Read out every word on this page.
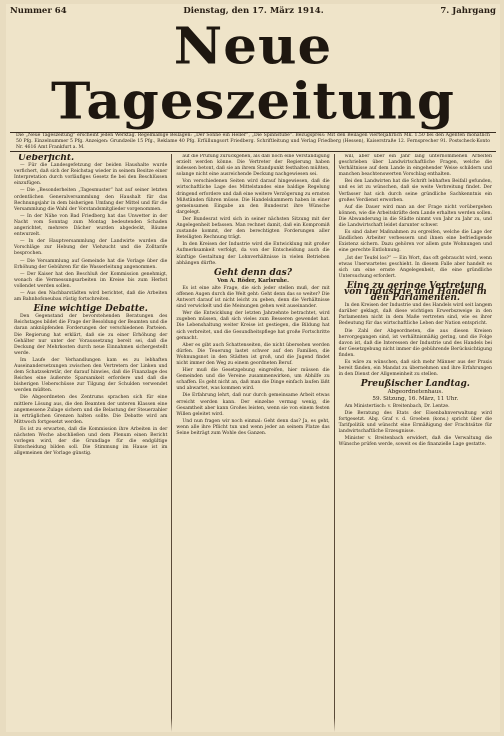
Nummer 64	Dienstag, den 17. März 1914.	7. Jahrgang
Neue Tageszeitung
Die „Neue Tageszeitung“ erscheint jeden Werktag. Regelmäßige Beilagen: „Der Sonne ein Heller“, „Die Spinnstube“. Bezugspreis: Mit den Beilagen vierteljährlich Mk. 1.50 bei den Agenten monatlich 50 Pfg. Einzelnummer 5 Pfg. Anzeigen: Grundzeile 15 Pfg., Reklame 40 Pfg. Erfüllungsort Friedberg. Schriftleitung und Verlag Friedberg (Hessen), Kaiserstraße 12. Fernsprecher 91. Postscheck-Konto Nr. 4616 Amt Frankfurt a. M.
Ueberficht.

— Für die Landesgefetzung der beiden Haushalte wurde verfichert, daß sich der Reichstag wieder in seinem Besitze einer Interpretation durch vorläufiges Gesetz fie bei den Beschlüssen einzufügen.

— Die „Besonderheiten „Tagesmuster“ hat auf seiner letzten ordentlichen Generalversammlung den Haushalt für das Rechnungsjahr in dem bisherigen Umfang der Mittel und für die Versammlung die Wahl der Vorstandsmitglieder vorgenommen.

— In der Nähe von Bad Friedberg hat das Unwetter in der Nacht vom Sonntag zum Montag bedeutenden Schaden angerichtet, mehrere Dächer wurden abgedeckt, Bäume entwurzelt.

— In der Hauptversammlung der Landwirte wurden die Vorschläge zur Hebung der Viehzucht und die Zolltarife besprochen.

— Die Versammlung auf Gemeinde hat die Vorlage über die Erhöhung der Gebühren für die Wasserleitung angenommen.

— Der Kaiser hat den Beschluß der Kommission genehmigt, wonach die Vermessungsarbeiten im Kreise bis zum Herbst vollendet werden sollen.

— Aus den Nachbarstädten wird berichtet, daß die Arbeiten am Bahnhofsneubau rüstig fortschreiten.

Eine wichtige Debatte.

Den Gegenstand der bevorstehenden Beratungen des Reichstages bildet die Frage der Besoldung der Beamten und die daran anknüpfenden Forderungen der verschiedenen Parteien. Die Regierung hat erklärt, daß sie zu einer Erhöhung der Gehälter nur unter der Voraussetzung bereit sei, daß die Deckung der Mehrkosten durch neue Einnahmen sichergestellt werde.

Im Laufe der Verhandlungen kam es zu lebhaften Auseinandersetzungen zwischen den Vertretern der Linken und dem Schatzsekretär, der darauf hinwies, daß die Finanzlage des Reiches eine äußerste Sparsamkeit erfordere und daß die bisherigen Ueberschüsse zur Tilgung der Schulden verwendet werden müßten.

Die Abgeordneten des Zentrums sprachen sich für eine mittlere Lösung aus, die den Beamten der unteren Klassen eine angemessene Zulage sichern und die Belastung der Steuerzahler in erträglichen Grenzen halten sollte. Die Debatte wird am Mittwoch fortgesetzt werden.

Es ist zu erwarten, daß die Kommission ihre Arbeiten in der nächsten Woche abschließen und dem Plenum einen Bericht vorlegen wird, der die Grundlage für die endgültige Entscheidung bilden soll. Die Stimmung im Hause ist im allgemeinen der Vorlage günstig.

auf die Prüfung zurückgehen, als daß noch eine Verständigung erzielt werden könne. Die Vertreter der Regierung haben indessen betont, daß sie an ihrem Standpunkt festhalten müßten, solange nicht eine ausreichende Deckung nachgewiesen sei.

Von verschiedenen Seiten wird darauf hingewiesen, daß die wirtschaftliche Lage des Mittelstandes eine baldige Regelung dringend erfordere und daß eine weitere Verzögerung zu ernsten Mißständen führen müsse. Die Handelskammern haben in einer gemeinsamen Eingabe an den Bundesrat ihre Wünsche dargelegt.

Der Bundesrat wird sich in seiner nächsten Sitzung mit der Angelegenheit befassen. Man rechnet damit, daß ein Kompromiß zustande kommt, der den berechtigten Forderungen aller Beteiligten Rechnung trägt.

In den Kreisen der Industrie wird die Entwicklung mit großer Aufmerksamkeit verfolgt, da von der Entscheidung auch die künftige Gestaltung der Lohnverhältnisse in vielen Betrieben abhängen dürfte.

Geht denn das?
Von A. Röder, Karlsruhe.

Es ist eine alte Frage, die sich jeder stellen muß, der mit offenen Augen durch die Welt geht: Geht denn das so weiter? Die Antwort darauf ist nicht leicht zu geben, denn die Verhältnisse sind verwickelt und die Meinungen gehen weit auseinander.

Wer die Entwicklung der letzten Jahrzehnte betrachtet, wird zugeben müssen, daß sich vieles zum Besseren gewendet hat. Die Lebenshaltung weiter Kreise ist gestiegen, die Bildung hat sich verbreitet, und die Gesundheitspflege hat große Fortschritte gemacht.

Aber es gibt auch Schattenseiten, die nicht übersehen werden dürfen. Die Teuerung lastet schwer auf den Familien, die Wohnungsnot in den Städten ist groß, und die Jugend findet nicht immer den Weg zu einem geordneten Beruf.

Hier muß die Gesetzgebung eingreifen, hier müssen die Gemeinden und die Vereine zusammenwirken, um Abhilfe zu schaffen. Es geht nicht an, daß man die Dinge einfach laufen läßt und abwartet, was kommen wird.

Die Erfahrung lehrt, daß nur durch gemeinsame Arbeit etwas erreicht werden kann. Der einzelne vermag wenig, die Gesamtheit aber kann Großes leisten, wenn sie von einem festen Willen geleitet wird.

Und nun fragen wir noch einmal: Geht denn das? Ja, es geht, wenn alle ihre Pflicht tun und wenn jeder an seinem Platze das Seine beiträgt zum Wohle des Ganzen.

will, aber über ein Jahr lang unternommenen Arbeiten geschrieben über Landwirtschaftliche Fragen, welche die Verhältnisse auf dem Lande in eingehender Weise schildern und manchen beachtenswerten Vorschlag enthalten.

Bei den Landwirten hat die Schrift lebhaften Beifall gefunden, und es ist zu wünschen, daß sie weite Verbreitung findet. Der Verfasser hat sich durch seine gründliche Sachkenntnis ein großes Verdienst erworben.

Auf die Dauer wird man an der Frage nicht vorübergehen können, wie die Arbeitskräfte dem Lande erhalten werden sollen. Die Abwanderung in die Städte nimmt von Jahr zu Jahr zu, und die Landwirtschaft leidet darunter schwer.

Es sind daher Maßnahmen zu ergreifen, welche die Lage der ländlichen Arbeiter verbessern und ihnen eine befriedigende Existenz sichern. Dazu gehören vor allem gute Wohnungen und eine gerechte Entlohnung.

„Ist der Teufel los?“ — Ein Wort, das oft gebraucht wird, wenn etwas Unerwartetes geschieht. In diesem Falle aber handelt es sich um eine ernste Angelegenheit, die eine gründliche Untersuchung erfordert.

Eine zu geringe Vertretung von Industrie und Handel in den Parlamenten.

In den Kreisen der Industrie und des Handels wird seit langem darüber geklagt, daß diese wichtigen Erwerbszweige in den Parlamenten nicht in dem Maße vertreten sind, wie es ihrer Bedeutung für das wirtschaftliche Leben der Nation entspricht.

Die Zahl der Abgeordneten, die aus diesen Kreisen hervorgegangen sind, ist verhältnismäßig gering, und die Folge davon ist, daß die Interessen der Industrie und des Handels bei der Gesetzgebung nicht immer die gebührende Berücksichtigung finden.

Es wäre zu wünschen, daß sich mehr Männer aus der Praxis bereit fänden, ein Mandat zu übernehmen und ihre Erfahrungen in den Dienst der Allgemeinheit zu stellen.

Preußischer Landtag.
Abgeordnetenhaus.
59. Sitzung, 16. März, 11 Uhr.

Am Ministertisch: v. Breitenbach, Dr. Lentze.

Die Beratung des Etats der Eisenbahnverwaltung wird fortgesetzt. Abg. Graf v. d. Groeben (kons.) spricht über die Tarifpolitik und wünscht eine Ermäßigung der Frachtsätze für landwirtschaftliche Erzeugnisse.

Minister v. Breitenbach erwidert, daß die Verwaltung die Wünsche prüfen werde, soweit es die finanzielle Lage gestatte.
